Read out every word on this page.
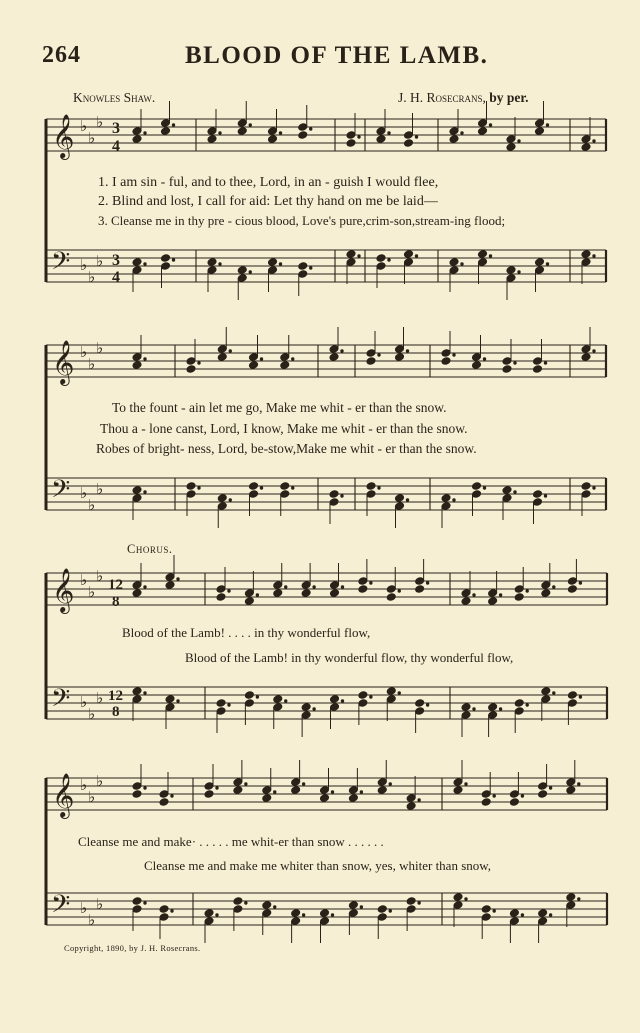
264	BLOOD OF THE LAMB.
Knowles Shaw.	J. H. Rosecrans, by per.
𝄞 ♭
♭
♭
𝄢 ♭
♭
♭
𝄞 ♭
♭
♭
𝄢 ♭
♭
♭
𝄞 ♭
♭
♭
𝄢 ♭
♭
♭
𝄞 ♭
♭
♭
𝄢 ♭
♭
♭
3
4
3
4
12
8
12
8
1. I am sin - ful, and to thee, Lord, in an - guish I would flee,
2. Blind and lost, I call for aid: Let thy hand on me be laid—
3. Cleanse me in thy pre - cious blood, Love's pure,crim-son,stream-ing flood;
To the fount - ain let me go, Make me whit - er than the snow.
Thou a - lone canst, Lord, I know, Make me whit - er than the snow.
Robes of bright- ness, Lord, be-stow,Make me whit - er than the snow.
Chorus.
Blood of the Lamb! . . . . in thy wonderful flow,
Blood of the Lamb! in thy wonderful flow, thy wonderful flow,
Cleanse me and make· . . . . . me whit-er than snow . . . . . .
Cleanse me and make me whiter than snow, yes, whiter than snow,
Copyright, 1890, by J. H. Rosecrans.
